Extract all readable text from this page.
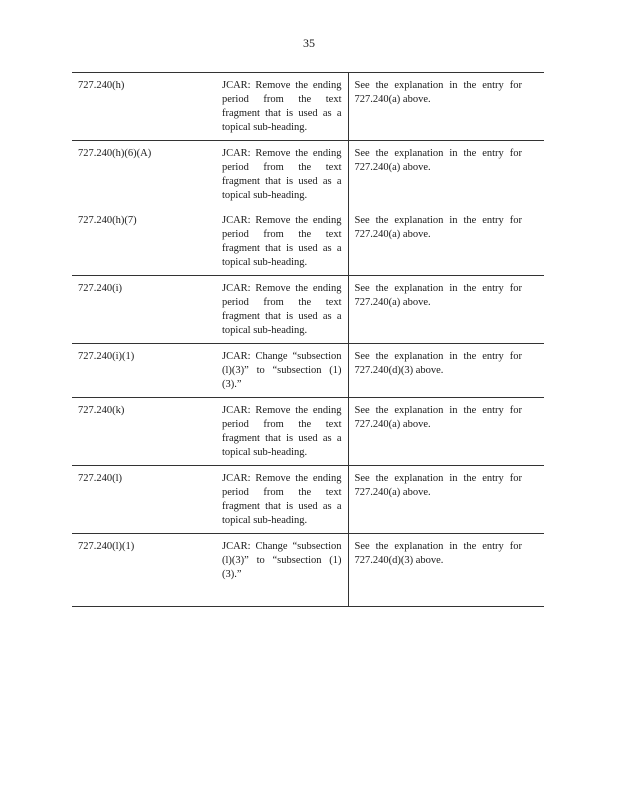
35
727.240(h)	JCAR: Remove the ending period from the text fragment that is used as a topical sub-heading.	See the explanation in the entry for 727.240(a) above.
727.240(h)(6)(A)	JCAR: Remove the ending period from the text fragment that is used as a topical sub-heading.	See the explanation in the entry for 727.240(a) above.
727.240(h)(7)	JCAR: Remove the ending period from the text fragment that is used as a topical sub-heading.	See the explanation in the entry for 727.240(a) above.
727.240(i)	JCAR: Remove the ending period from the text fragment that is used as a topical sub-heading.	See the explanation in the entry for 727.240(a) above.
727.240(i)(1)	JCAR: Change “subsection (l)(3)” to “subsection (1)(3).”	See the explanation in the entry for 727.240(d)(3) above.
727.240(k)	JCAR: Remove the ending period from the text fragment that is used as a topical sub-heading.	See the explanation in the entry for 727.240(a) above.
727.240(l)	JCAR: Remove the ending period from the text fragment that is used as a topical sub-heading.	See the explanation in the entry for 727.240(a) above.
727.240(l)(1)	JCAR: Change “subsection (l)(3)” to “subsection (1)(3).”	See the explanation in the entry for 727.240(d)(3) above.
